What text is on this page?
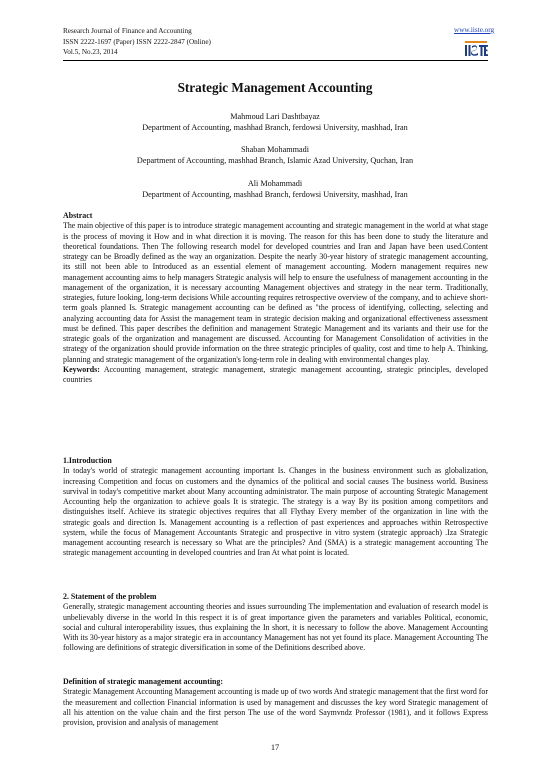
Research Journal of Finance and Accounting
ISSN 2222-1697 (Paper) ISSN 2222-2847 (Online)
Vol.5, No.23, 2014
www.iiste.org
Strategic Management Accounting
Mahmoud Lari Dashtbayaz
Department of Accounting, mashhad Branch, ferdowsi University, mashhad, Iran
Shaban Mohammadi
Department of Accounting, mashhad Branch, Islamic Azad University, Quchan, Iran
Ali Mohammadi
Department of Accounting, mashhad Branch, ferdowsi University, mashhad, Iran
Abstract
The main objective of this paper is to introduce strategic management accounting and strategic management in the world at what stage is the process of moving it How and in what direction it is moving. The reason for this has been done to study the literature and theoretical foundations. Then The following research model for developed countries and Iran and Japan have been used.Content strategy can be Broadly defined as the way an organization. Despite the nearly 30-year history of strategic management accounting, its still not been able to Introduced as an essential element of management accounting. Modern management requires new management accounting aims to help managers Strategic analysis will help to ensure the usefulness of management accounting in the management of the organization, it is necessary accounting Management objectives and strategy in the near term. Traditionally, strategies, future looking, long-term decisions While accounting requires retrospective overview of the company, and to achieve short-term goals planned Is. Strategic management accounting can be defined as "the process of identifying, collecting, selecting and analyzing accounting data for Assist the management team in strategic decision making and organizational effectiveness assessment must be defined. This paper describes the definition and management Strategic Management and its variants and their use for the strategic goals of the organization and management are discussed. Accounting for Management Consolidation of activities in the strategy of the organization should provide information on the three strategic principles of quality, cost and time to help A. Thinking, planning and strategic management of the organization's long-term role in dealing with environmental changes play.
Keywords: Accounting management, strategic management, strategic management accounting, strategic principles, developed countries
1.Introduction
In today's world of strategic management accounting important Is. Changes in the business environment such as globalization, increasing Competition and focus on customers and the dynamics of the political and social causes The business world. Business survival in today's competitive market about Many accounting administrator. The main purpose of accounting Strategic Management Accounting help the organization to achieve goals It is strategic. The strategy is a way By its position among competitors and distinguishes itself. Achieve its strategic objectives requires that all Flythay Every member of the organization in line with the strategic goals and direction Is. Management accounting is a reflection of past experiences and approaches within Retrospective system, while the focus of Management Accountants Strategic and prospective in vitro system (strategic approach) .Iza Strategic management accounting research is necessary so What are the principles? And (SMA) is a strategic management accounting The strategic management accounting in developed countries and Iran At what point is located.
2. Statement of the problem
Generally, strategic management accounting theories and issues surrounding The implementation and evaluation of research model is unbelievably diverse in the world In this respect it is of great importance given the parameters and variables Political, economic, social and cultural interoperability issues, thus explaining the In short, it is necessary to follow the above. Management Accounting With its 30-year history as a major strategic era in accountancy Management has not yet found its place. Management Accounting The following are definitions of strategic diversification in some of the Definitions described above.
Definition of strategic management accounting:
Strategic Management Accounting Management accounting is made up of two words And strategic management that the first word for the measurement and collection Financial information is used by management and discusses the key word Strategic management of all his attention on the value chain and the first person The use of the word Saymvndz Professor (1981), and it follows Express provision, provision and analysis of management
17
